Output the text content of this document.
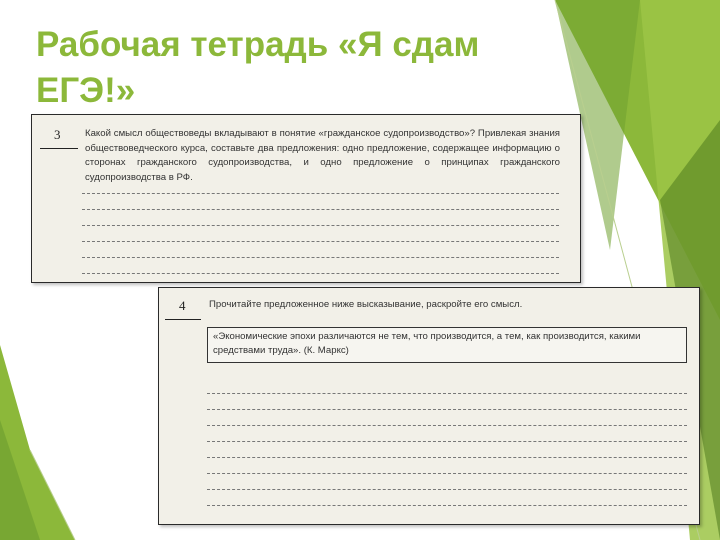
Рабочая тетрадь «Я сдам ЕГЭ!»
3	Какой смысл обществоведы вкладывают в понятие «гражданское судопроизводство»? Привлекая знания обществоведческого курса, составьте два предложения: одно предложение, содержащее информацию о сторонах гражданского судопроизводства, и одно предложение о принципах гражданского судопроизводства в РФ.
4 Прочитайте предложенное ниже высказывание, раскройте его смысл.
«Экономические эпохи различаются не тем, что производится, а тем, как производится, какими средствами труда». (К. Маркс)
